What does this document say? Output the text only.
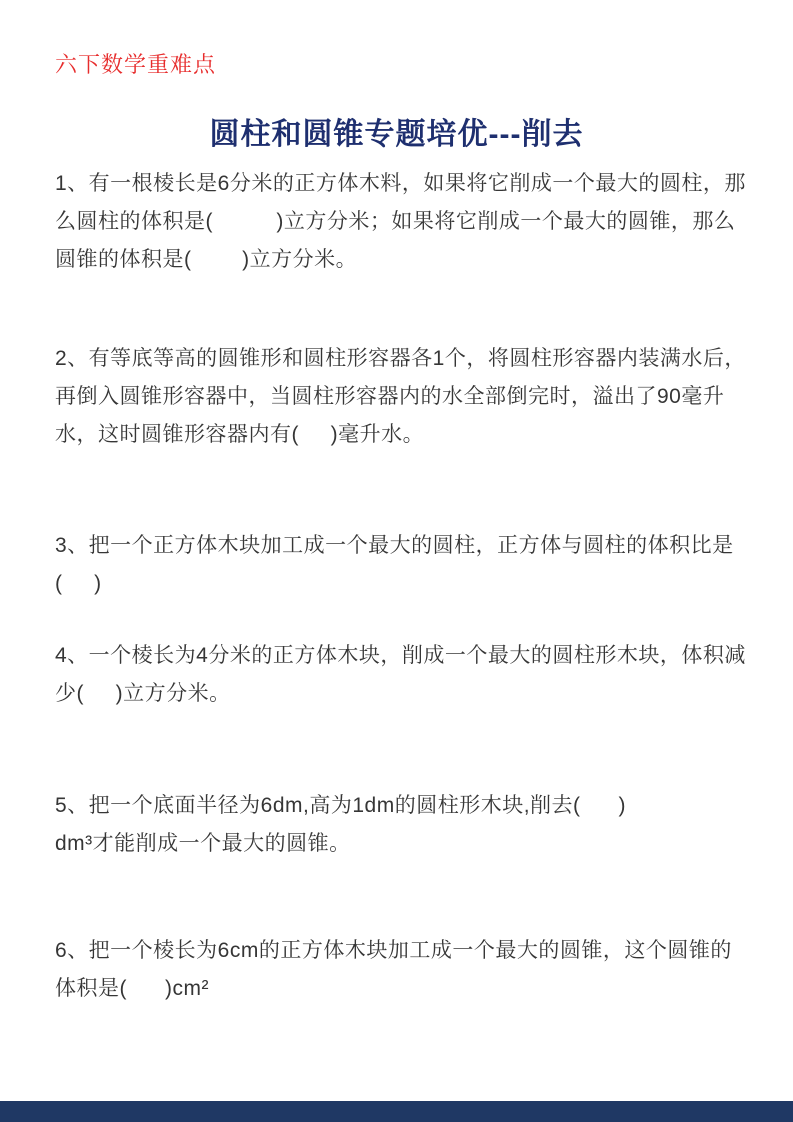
六下数学重难点
圆柱和圆锥专题培优---削去
1、有一根棱长是6分米的正方体木料，如果将它削成一个最大的圆柱，那
么圆柱的体积是(          )立方分米；如果将它削成一个最大的圆锥，那么
圆锥的体积是(        )立方分米。
2、有等底等高的圆锥形和圆柱形容器各1个，将圆柱形容器内装满水后，
再倒入圆锥形容器中，当圆柱形容器内的水全部倒完时，溢出了90毫升
水，这时圆锥形容器内有(     )毫升水。
3、把一个正方体木块加工成一个最大的圆柱，正方体与圆柱的体积比是
(     )
4、一个棱长为4分米的正方体木块，削成一个最大的圆柱形木块，体积减
少(     )立方分米。
5、把一个底面半径为6dm,高为1dm的圆柱形木块,削去(      )
dm³才能削成一个最大的圆锥。
6、把一个棱长为6cm的正方体木块加工成一个最大的圆锥，这个圆锥的
体积是(      )cm²
